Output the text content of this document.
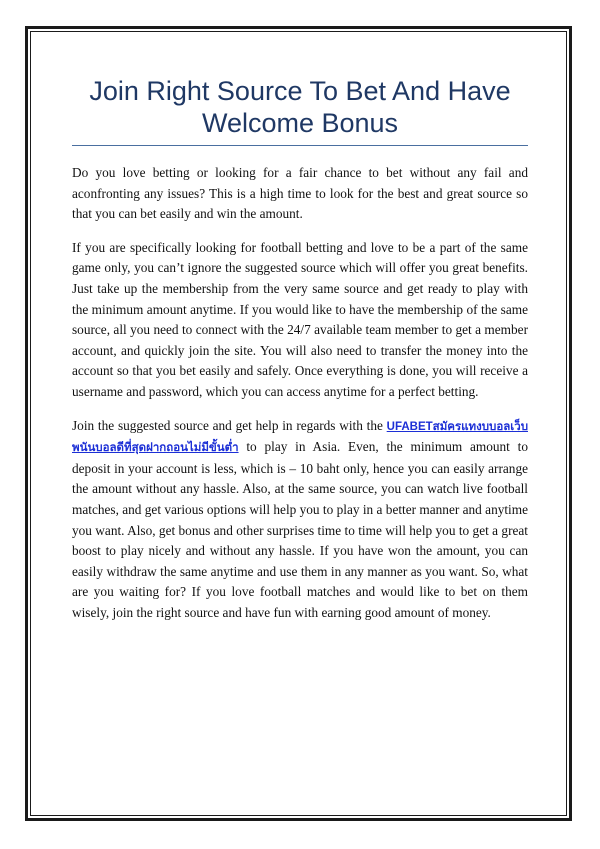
Join Right Source To Bet And Have Welcome Bonus

Do you love betting or looking for a fair chance to bet without any fail and aconfronting any issues? This is a high time to look for the best and great source so that you can bet easily and win the amount.

If you are specifically looking for football betting and love to be a part of the same game only, you can’t ignore the suggested source which will offer you great benefits. Just take up the membership from the very same source and get ready to play with the minimum amount anytime. If you would like to have the membership of the same source, all you need to connect with the 24/7 available team member to get a member account, and quickly join the site. You will also need to transfer the money into the account so that you bet easily and safely. Once everything is done, you will receive a username and password, which you can access anytime for a perfect betting.

Join the suggested source and get help in regards with the UFABETสมัครแทงบบอลเว็บพนันบอลดีที่สุดฝากถอนไม่มีขั้นต่ำ to play in Asia. Even, the minimum amount to deposit in your account is less, which is – 10 baht only, hence you can easily arrange the amount without any hassle. Also, at the same source, you can watch live football matches, and get various options will help you to play in a better manner and anytime you want. Also, get bonus and other surprises time to time will help you to get a great boost to play nicely and without any hassle. If you have won the amount, you can easily withdraw the same anytime and use them in any manner as you want. So, what are you waiting for? If you love football matches and would like to bet on them wisely, join the right source and have fun with earning good amount of money.
